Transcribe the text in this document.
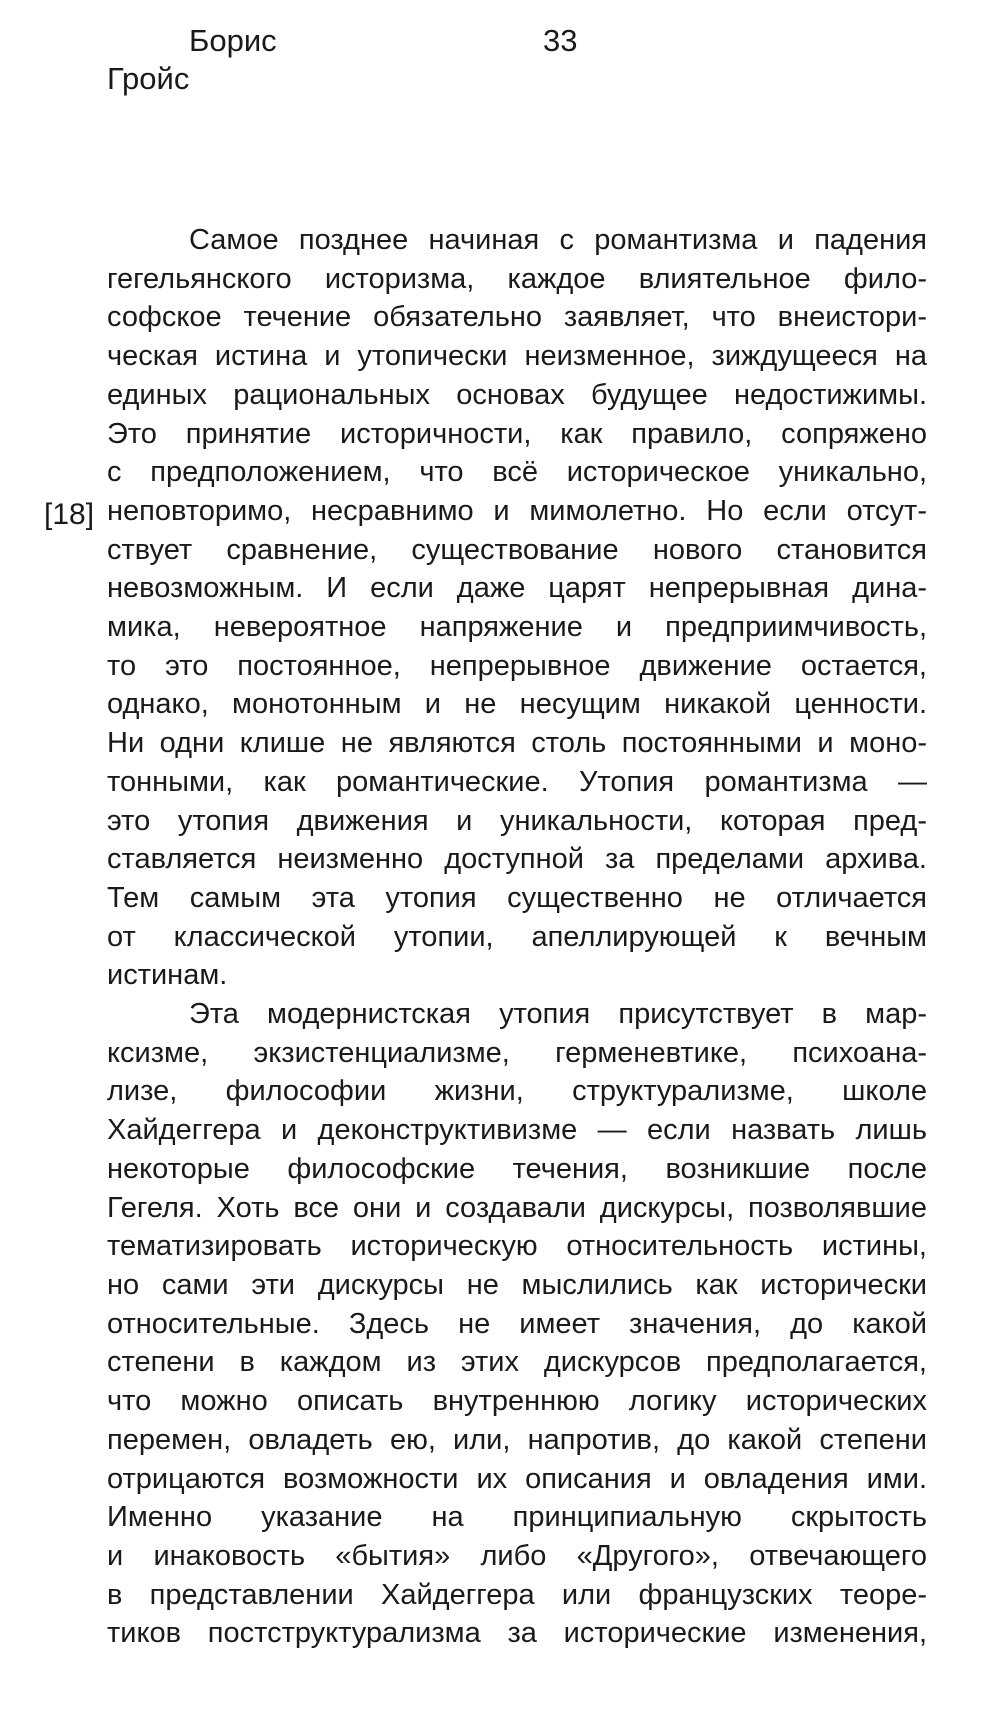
Борис
Гройс
33
[18]
Самое позднее начиная с романтизма и падения
гегельянского историзма, каждое влиятельное фило-
софское течение обязательно заявляет, что внеистори-
ческая истина и утопически неизменное, зиждущееся на
единых рациональных основах будущее недостижимы.
Это принятие историчности, как правило, сопряжено
с предположением, что всё историческое уникально,
неповторимо, несравнимо и мимолетно. Но если отсут-
ствует сравнение, существование нового становится
невозможным. И если даже царят непрерывная дина-
мика, невероятное напряжение и предприимчивость,
то это постоянное, непрерывное движение остается,
однако, монотонным и не несущим никакой ценности.
Ни одни клише не являются столь постоянными и моно-
тонными, как романтические. Утопия романтизма —
это утопия движения и уникальности, которая пред-
ставляется неизменно доступной за пределами архива.
Тем самым эта утопия существенно не отличается
от классической утопии, апеллирующей к вечным
истинам.
Эта модернистская утопия присутствует в мар-
ксизме, экзистенциализме, герменевтике, психоана-
лизе, философии жизни, структурализме, школе
Хайдеггера и деконструктивизме — если назвать лишь
некоторые философские течения, возникшие после
Гегеля. Хоть все они и создавали дискурсы, позволявшие
тематизировать историческую относительность истины,
но сами эти дискурсы не мыслились как исторически
относительные. Здесь не имеет значения, до какой
степени в каждом из этих дискурсов предполагается,
что можно описать внутреннюю логику исторических
перемен, овладеть ею, или, напротив, до какой степени
отрицаются возможности их описания и овладения ими.
Именно указание на принципиальную скрытость
и инаковость «бытия» либо «Другого», отвечающего
в представлении Хайдеггера или французских теоре-
тиков постструктурализма за исторические изменения,
